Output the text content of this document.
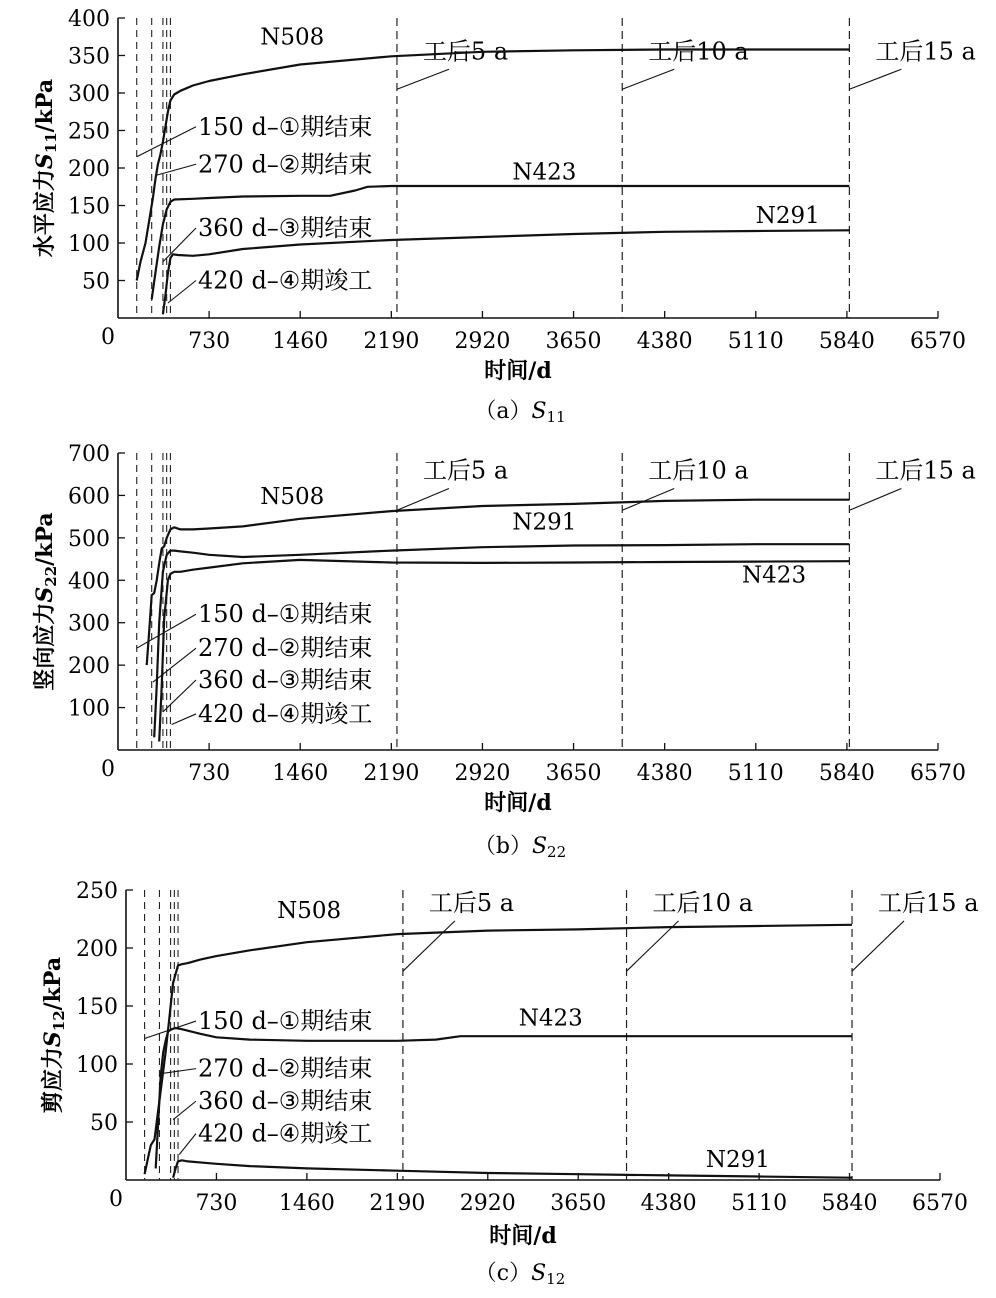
730 1460 2190 2920 3650 4380 5110 5840 6570
0
50
100
150
200
250
300
350
400
时间/d
水平应力S11/kPa
（a）S11
工后5 a	工后10 a	工后15 a
150 d–①期结束
270 d–②期结束
360 d–③期结束
420 d–④期竣工
N508
N423
N291
730 1460 2190 2920 3650 4380 5110 5840 6570
0
100
200
300
400
500
600
700
时间/d
竖向应力S22/kPa
（b）S22
工后5 a	工后10 a	工后15 a
150 d–①期结束
270 d–②期结束
360 d–③期结束
420 d–④期竣工
N508
N291
N423
730 1460 2190 2920 3650 4380 5110 5840 6570
0
50
100
150
200
250
时间/d
剪应力S12/kPa
（c）S12
工后5 a	工后10 a	工后15 a
150 d–①期结束
270 d–②期结束
360 d–③期结束
420 d–④期竣工
N508
N423
N291
